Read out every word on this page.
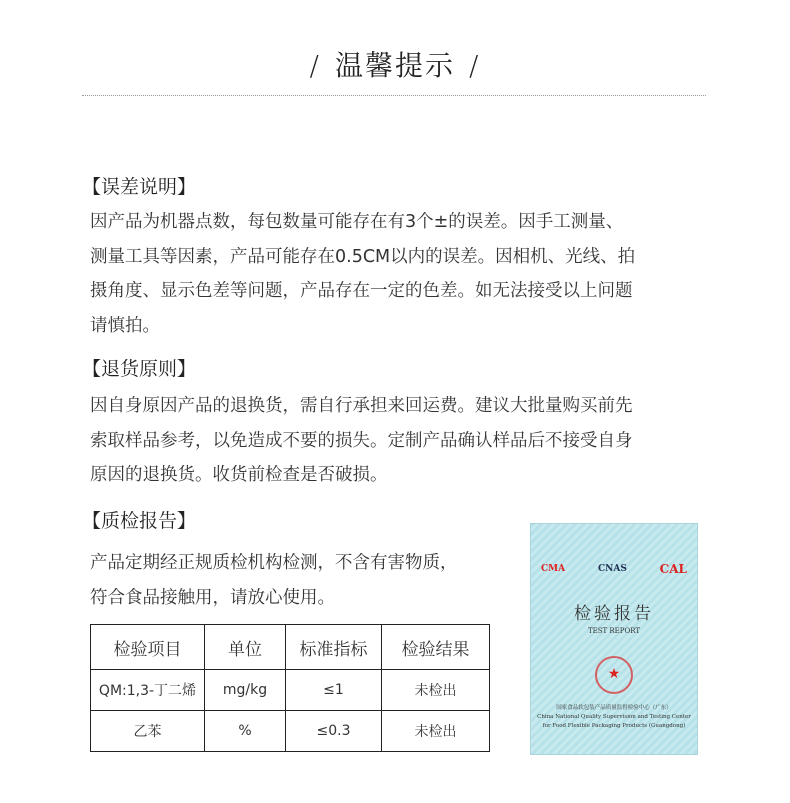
/ 温馨提示 /
【误差说明】
因产品为机器点数，每包数量可能存在有3个±的误差。因手工测量、
测量工具等因素，产品可能存在0.5CM以内的误差。因相机、光线、拍
摄角度、显示色差等问题，产品存在一定的色差。如无法接受以上问题
请慎拍。
【退货原则】
因自身原因产品的退换货，需自行承担来回运费。建议大批量购买前先
索取样品参考，以免造成不要的损失。定制产品确认样品后不接受自身
原因的退换货。收货前检查是否破损。
【质检报告】
产品定期经正规质检机构检测，不含有害物质，
符合食品接触用，请放心使用。
检验项目	单位	标准指标	检验结果
QM:1,3-丁二烯	mg/kg	≤1	未检出
乙苯	%	≤0.3	未检出
CMA	CNAS	CAL
检验报告
TEST REPORT
★
国家食品软包装产品质量监督检验中心（广东）
China National Quality Supervision and Testing Center for Food Flexible Packaging Products (Guangdong)
